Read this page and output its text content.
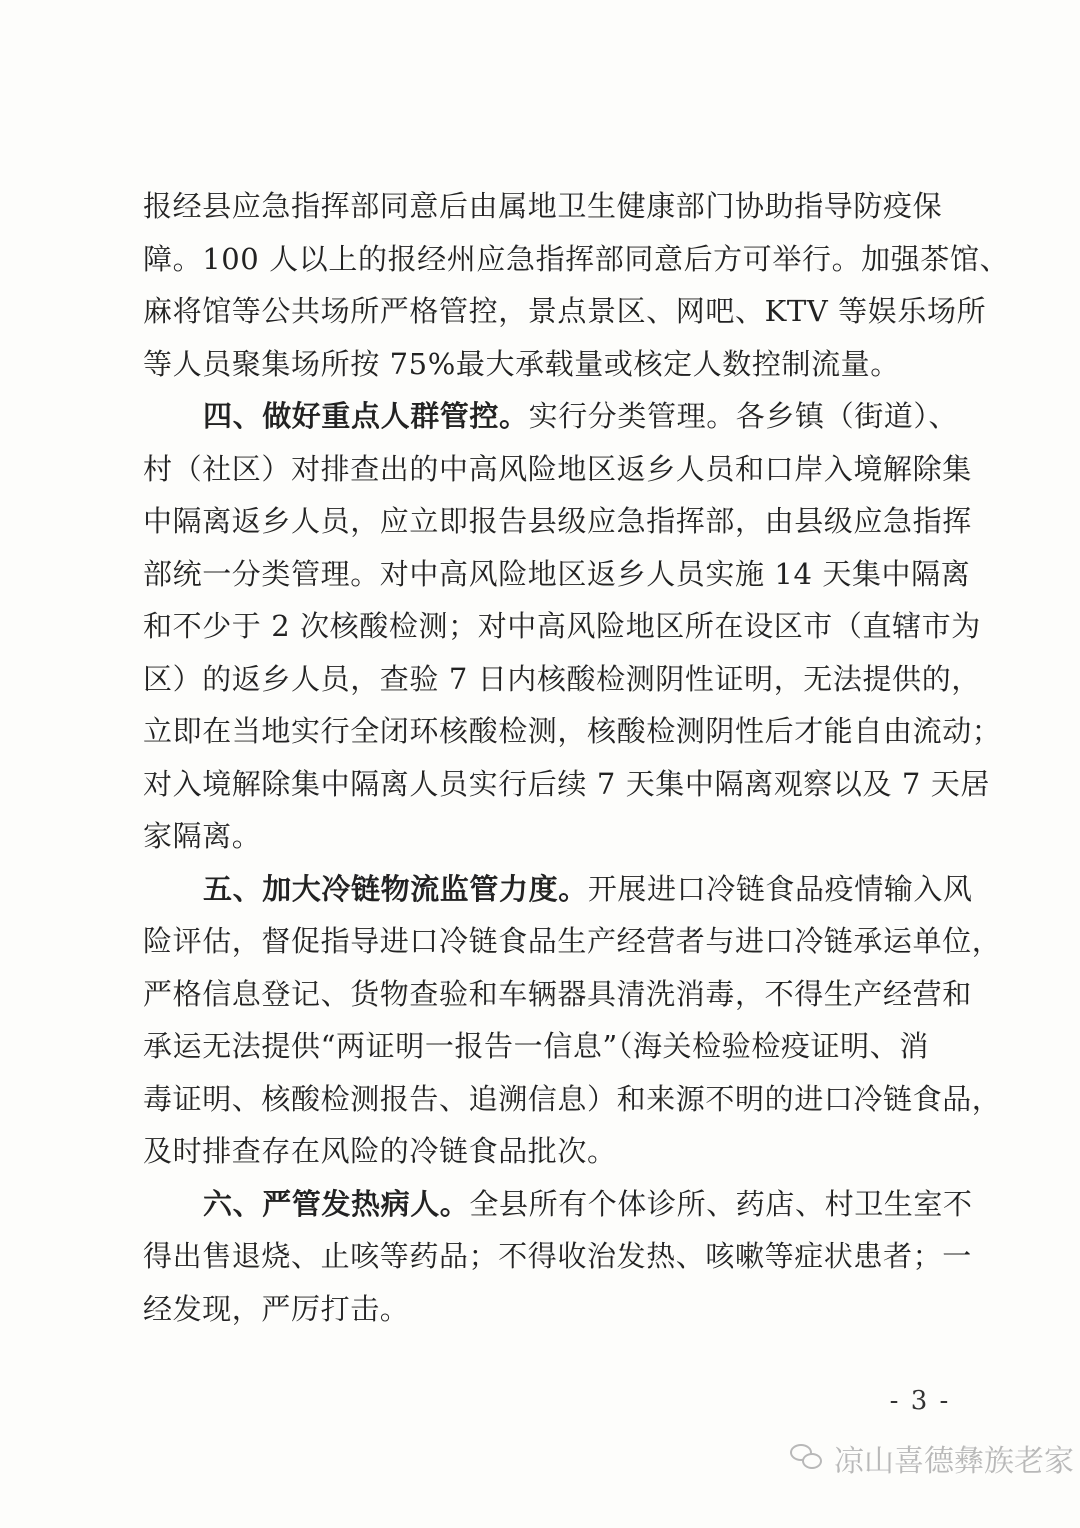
报经县应急指挥部同意后由属地卫生健康部门协助指导防疫保

障。100 人以上的报经州应急指挥部同意后方可举行。加强茶馆、

麻将馆等公共场所严格管控，景点景区、网吧、KTV 等娱乐场所

等人员聚集场所按 75%最大承载量或核定人数控制流量。

四、做好重点人群管控。实行分类管理。各乡镇（街道）、

村（社区）对排查出的中高风险地区返乡人员和口岸入境解除集

中隔离返乡人员，应立即报告县级应急指挥部，由县级应急指挥

部统一分类管理。对中高风险地区返乡人员实施 14 天集中隔离

和不少于 2 次核酸检测；对中高风险地区所在设区市（直辖市为

区）的返乡人员，查验 7 日内核酸检测阴性证明，无法提供的，

立即在当地实行全闭环核酸检测，核酸检测阴性后才能自由流动；

对入境解除集中隔离人员实行后续 7 天集中隔离观察以及 7 天居

家隔离。

五、加大冷链物流监管力度。开展进口冷链食品疫情输入风

险评估，督促指导进口冷链食品生产经营者与进口冷链承运单位，

严格信息登记、货物查验和车辆器具清洗消毒，不得生产经营和

承运无法提供“两证明一报告一信息”（海关检验检疫证明、消

毒证明、核酸检测报告、追溯信息）和来源不明的进口冷链食品，

及时排查存在风险的冷链食品批次。

六、严管发热病人。全县所有个体诊所、药店、村卫生室不

得出售退烧、止咳等药品；不得收治发热、咳嗽等症状患者；一

经发现，严厉打击。

- 3 -
凉山喜德彝族老家
